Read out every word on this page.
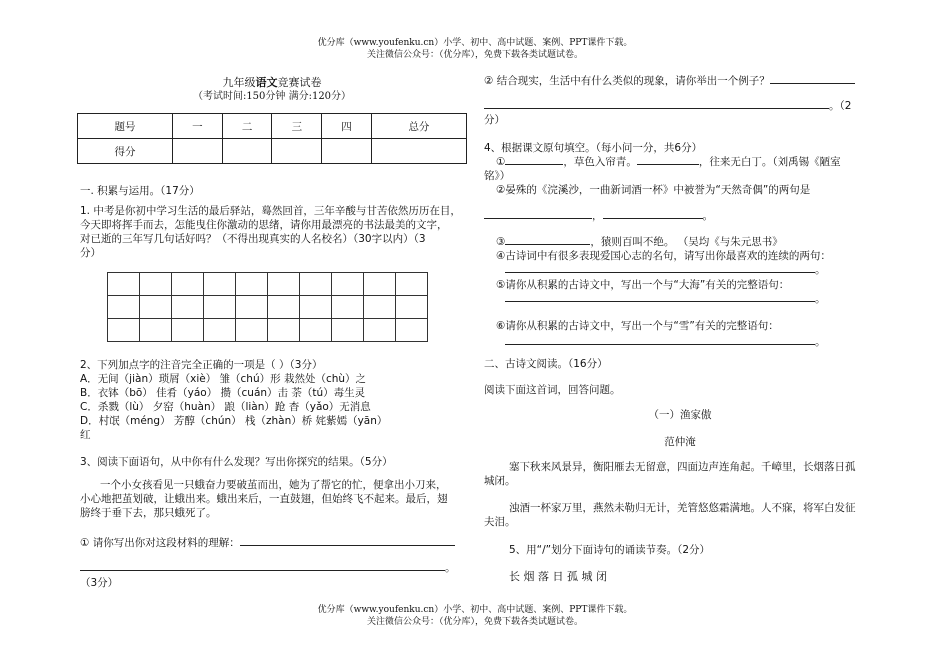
优分库（www.youfenku.cn）小学、初中、高中试题、案例、PPT课件下载。
关注微信公众号：（优分库），免费下载各类试题试卷。
优分库（www.youfenku.cn）小学、初中、高中试题、案例、PPT课件下载。
关注微信公众号：（优分库），免费下载各类试题试卷。
九年级语文竞赛试卷
（考试时间:150分钟 满分:120分）
题号	一	二	三	四	总分
得分					
一. 积累与运用。（17分）
1. 中考是你初中学习生活的最后驿站，蓦然回首，三年辛酸与甘苦依然历历在目，
今天即将挥手而去，怎能曳住你激动的思绪，请你用最漂亮的书法最美的文字，
对已逝的三年写几句话好吗？（不得出现真实的人名校名）（30字以内）（3
分）

2、下列加点字的注音完全正确的一项是（ ）（3分）
A．无间（jiàn）琐屑（xiè） 雏（chú）形 栽然处（chù）之
B．衣钵（bō） 佳肴（yáo） 攒（cuán）击 荼（tú）毒生灵
C．杀戮（lù） 夕窑（huàn） 踉（liàn）跄 杳（yǎo）无消息
D．村氓（méng） 芳醇（chún） 栈（zhàn）桥 姹紫嫣（yān）
红
3、阅读下面语句，从中你有什么发现？写出你探究的结果。（5分）
一个小女孩看见一只蛾奋力要破茧而出，她为了帮它的忙，便拿出小刀来，
小心地把茧划破，让蛾出来。蛾出来后，一直鼓翅，但始终飞不起来。最后，翅
膀终于垂下去，那只蛾死了。
① 请你写出你对这段材料的理解：
。
（3分）
② 结合现实，生活中有什么类似的现象，请你举出一个例子？
。（2
分）
4、根据课文原句填空。（每小问一分，共6分）
①	，草色入帘青。	，往来无白丁。（刘禹锡《陋室
铭》）
②晏殊的《浣溪沙，一曲新词酒一杯》中被誉为“天然奇偶”的两句是
，	。
③	，猿则百叫不绝。 （吴均《与朱元思书》
④古诗词中有很多表现爱国心志的名句，请写出你最喜欢的连续的两句：
。
⑤请你从积累的古诗文中，写出一个与“大海”有关的完整语句：
。
⑥请你从积累的古诗文中，写出一个与“雪”有关的完整语句：
。
二、古诗文阅读。（16分）
阅读下面这首词，回答问题。
（一）渔家傲
范仲淹
塞下秋来风景异，衡阳雁去无留意，四面边声连角起。千嶂里，长烟落日孤
城闭。
浊酒一杯家万里，燕然未勒归无计，羌管悠悠霜满地。人不寐，将军白发征
夫泪。
5、用“/”划分下面诗句的诵读节奏。（2分）
长 烟 落 日 孤 城 闭
